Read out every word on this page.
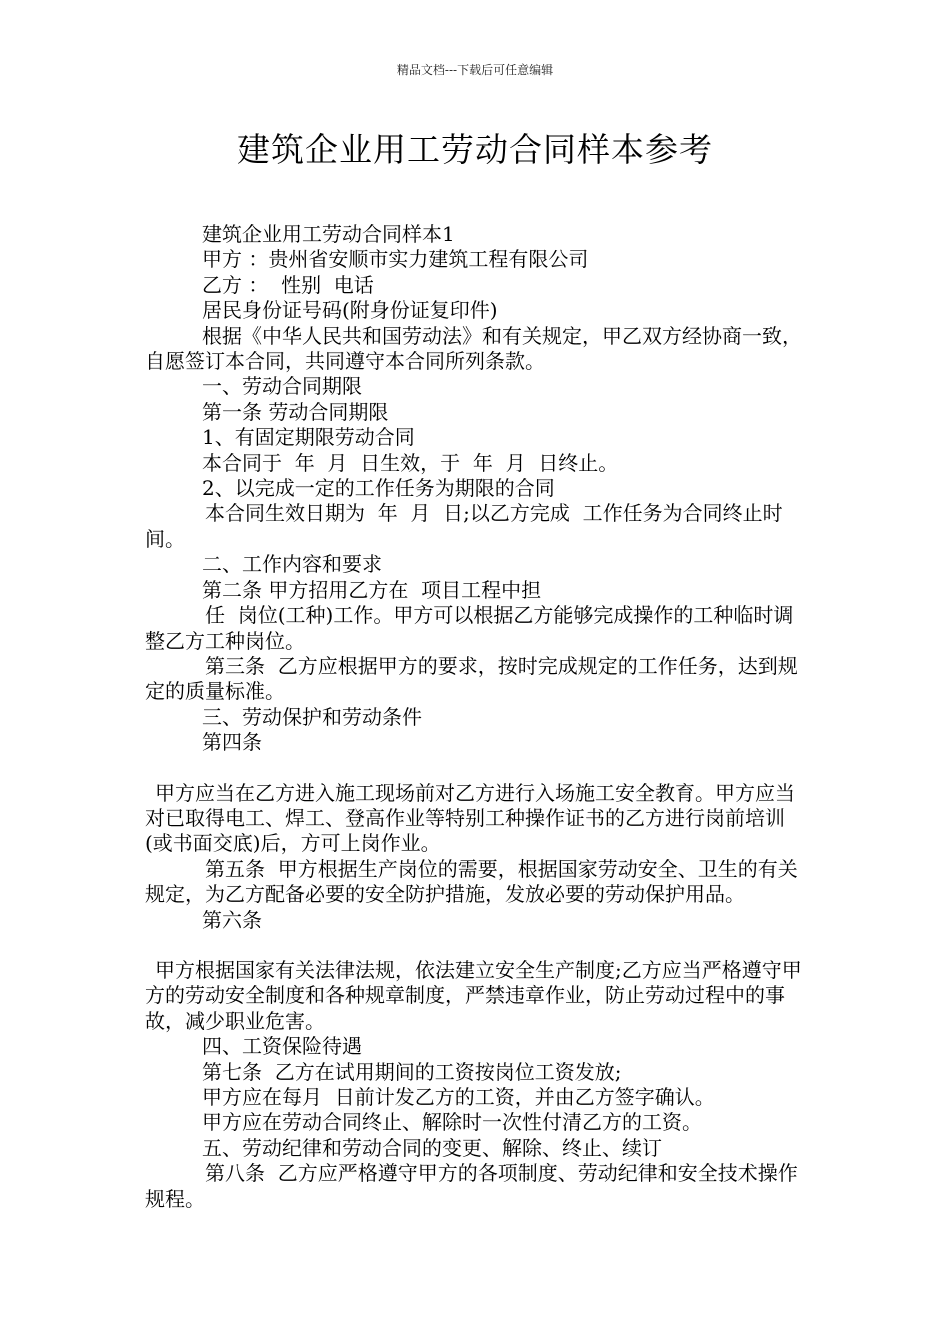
精品文档---下载后可任意编辑
建筑企业用工劳动合同样本参考

建筑企业用工劳动合同样本1

甲方 ：贵州省安顺市实力建筑工程有限公司

乙方 ：  性别  电话

居民身份证号码(附身份证复印件)

根据《中华人民共和国劳动法》和有关规定，甲乙双方经协商一致，自愿签订本合同，共同遵守本合同所列条款。

一、劳动合同期限

第一条 劳动合同期限

1、有固定期限劳动合同

本合同于  年  月  日生效，于  年  月  日终止。

2、以完成一定的工作任务为期限的合同

本合同生效日期为  年  月  日;以乙方完成  工作任务为合同终止时间。

二、工作内容和要求

第二条 甲方招用乙方在  项目工程中担

任  岗位(工种)工作。甲方可以根据乙方能够完成操作的工种临时调整乙方工种岗位。

第三条  乙方应根据甲方的要求，按时完成规定的工作任务，达到规定的质量标准。

三、劳动保护和劳动条件

第四条

甲方应当在乙方进入施工现场前对乙方进行入场施工安全教育。甲方应当对已取得电工、焊工、登高作业等特别工种操作证书的乙方进行岗前培训(或书面交底)后，方可上岗作业。

第五条  甲方根据生产岗位的需要，根据国家劳动安全、卫生的有关规定，为乙方配备必要的安全防护措施，发放必要的劳动保护用品。

第六条

甲方根据国家有关法律法规，依法建立安全生产制度;乙方应当严格遵守甲方的劳动安全制度和各种规章制度，严禁违章作业，防止劳动过程中的事故，减少职业危害。

四、工资保险待遇

第七条  乙方在试用期间的工资按岗位工资发放;

甲方应在每月  日前计发乙方的工资，并由乙方签字确认。

甲方应在劳动合同终止、解除时一次性付清乙方的工资。

五、劳动纪律和劳动合同的变更、解除、终止、续订

第八条  乙方应严格遵守甲方的各项制度、劳动纪律和安全技术操作规程。
